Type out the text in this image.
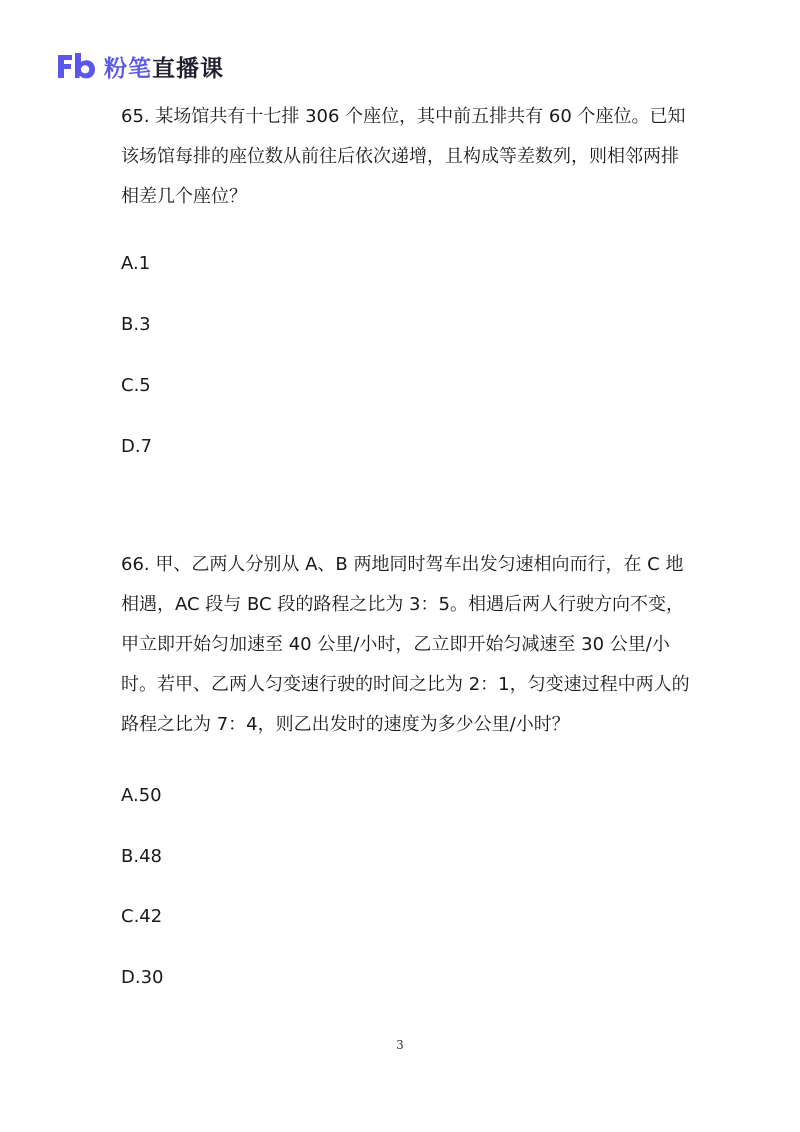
粉笔直播课

65. 某场馆共有十七排 306 个座位，其中前五排共有 60 个座位。已知
该场馆每排的座位数从前往后依次递增，且构成等差数列，则相邻两排
相差几个座位？

A.1
B.3
C.5
D.7

66. 甲、乙两人分别从 A、B 两地同时驾车出发匀速相向而行，在 C 地
相遇，AC 段与 BC 段的路程之比为 3：5。相遇后两人行驶方向不变，
甲立即开始匀加速至 40 公里/小时，乙立即开始匀减速至 30 公里/小
时。若甲、乙两人匀变速行驶的时间之比为 2：1，匀变速过程中两人的
路程之比为 7：4，则乙出发时的速度为多少公里/小时？

A.50
B.48
C.42
D.30
3
